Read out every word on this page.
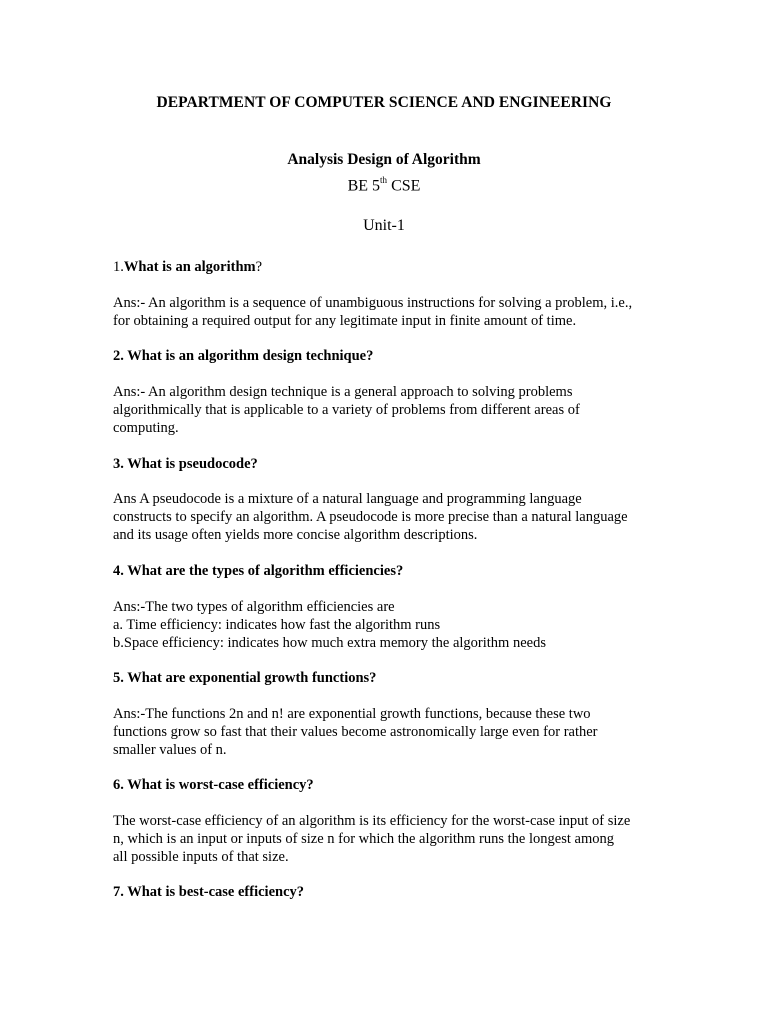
DEPARTMENT OF COMPUTER SCIENCE AND ENGINEERING
Analysis Design of Algorithm
BE 5th CSE
Unit-1
1.What is an algorithm?
Ans:- An algorithm is a sequence of unambiguous instructions for solving a problem, i.e.,
for obtaining a required output for any legitimate input in finite amount of time.
2. What is an algorithm design technique?
Ans:- An algorithm design technique is a general approach to solving problems
algorithmically that is applicable to a variety of problems from different areas of
computing.
3. What is pseudocode?
Ans A pseudocode is a mixture of a natural language and programming language
constructs to specify an algorithm. A pseudocode is more precise than a natural language
and its usage often yields more concise algorithm descriptions.
4. What are the types of algorithm efficiencies?
Ans:-The two types of algorithm efficiencies are
a. Time efficiency: indicates how fast the algorithm runs
b.Space efficiency: indicates how much extra memory the algorithm needs
5. What are exponential growth functions?
Ans:-The functions 2n and n! are exponential growth functions, because these two
functions grow so fast that their values become astronomically large even for rather
smaller values of n.
6. What is worst-case efficiency?
The worst-case efficiency of an algorithm is its efficiency for the worst-case input of size
n, which is an input or inputs of size n for which the algorithm runs the longest among
all possible inputs of that size.
7. What is best-case efficiency?
